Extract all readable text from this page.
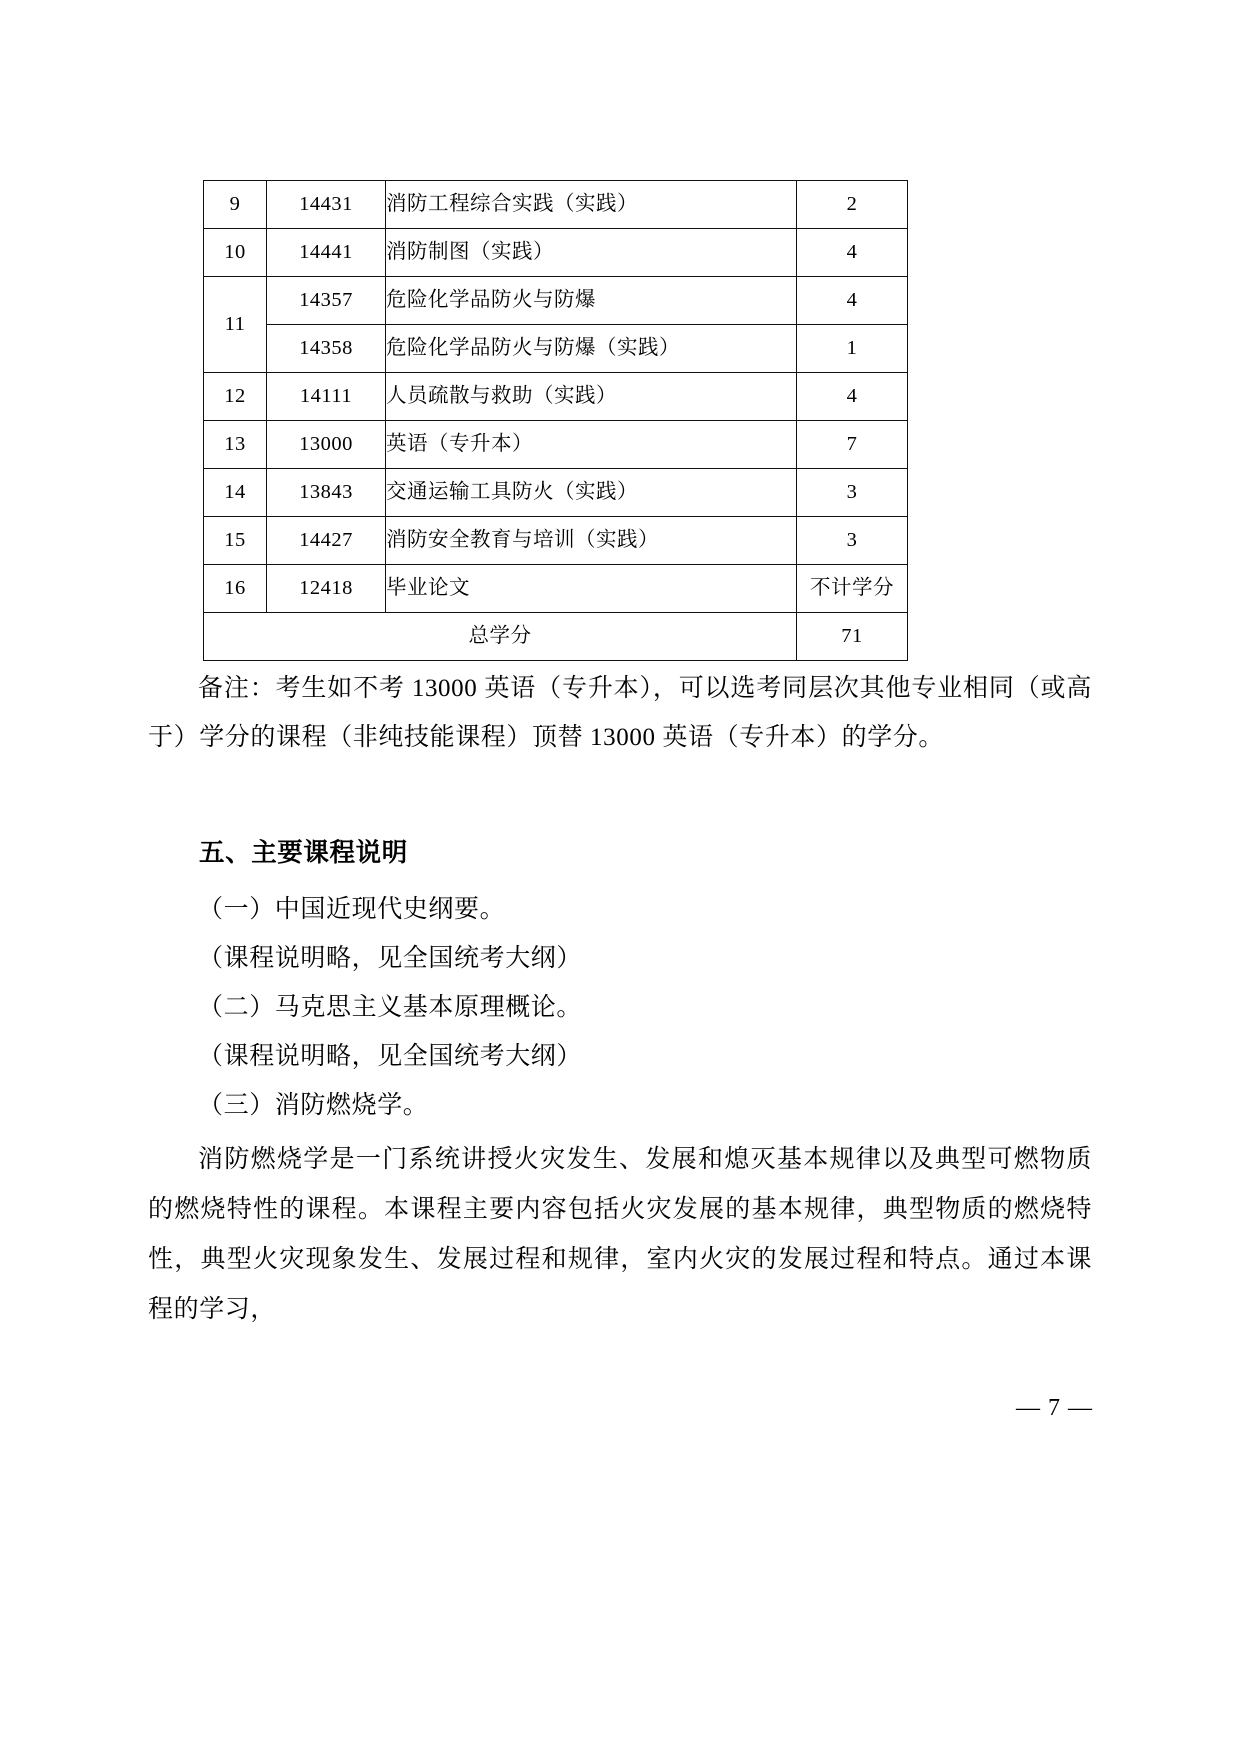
9	14431	消防工程综合实践（实践）	2
10	14441	消防制图（实践）	4
11	14357	危险化学品防火与防爆	4
	14358	危险化学品防火与防爆（实践）	1
12	14111	人员疏散与救助（实践）	4
13	13000	英语（专升本）	7
14	13843	交通运输工具防火（实践）	3
15	14427	消防安全教育与培训（实践）	3
16	12418	毕业论文	不计学分
总学分			71
备注：考生如不考 13000 英语（专升本），可以选考同层次其他专业相同（或高于）学分的课程（非纯技能课程）顶替 13000 英语（专升本）的学分。
五、主要课程说明
（一）中国近现代史纲要。
（课程说明略，见全国统考大纲）
（二）马克思主义基本原理概论。
（课程说明略，见全国统考大纲）
（三）消防燃烧学。
消防燃烧学是一门系统讲授火灾发生、发展和熄灭基本规律以及典型可燃物质的燃烧特性的课程。本课程主要内容包括火灾发展的基本规律，典型物质的燃烧特性，典型火灾现象发生、发展过程和规律，室内火灾的发展过程和特点。通过本课程的学习，
— 7 —
